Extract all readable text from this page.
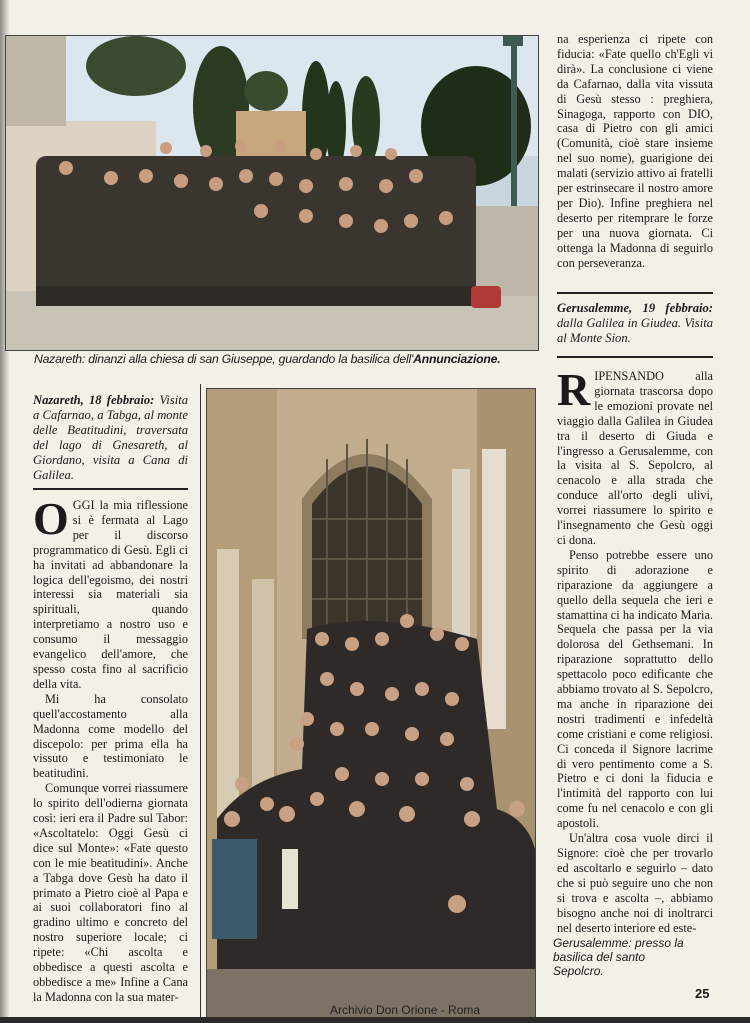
Nazareth: dinanzi alla chiesa di san Giuseppe, guardando la basilica dell'Annunciazione.

Nazareth, 18 febbraio: Visita a Cafarnao, a Tabga, al monte delle Beatitudini, traversata del lago di Gnesareth, al Giordano, visita a Cana di Galilea.

OGGI la mia riflessione si è fermata al Lago per il discorso programmatico di Gesù. Egli ci ha invitati ad abbandonare la logica dell'egoismo, dei nostri interessi sia materiali sia spirituali, quando interpretiamo a nostro uso e consumo il messaggio evangelico dell'amore, che spesso costa fino al sacrificio della vita.

Mi ha consolato quell'accostamento alla Madonna come modello del discepolo: per prima ella ha vissuto e testimoniato le beatitudini.

Comunque vorrei riassumere lo spirito dell'odierna giornata così: ieri era il Padre sul Tabor: «Ascoltatelo: Oggi Gesù ci dice sul Monte»: «Fate questo con le mie beatitudini». Anche a Tabga dove Gesù ha dato il primato a Pietro cioè al Papa e ai suoi collaboratori fino al gradino ultimo e concreto del nostro superiore locale; ci ripete: «Chi ascolta e obbedisce a questi ascolta e obbedisce a me» Infine a Cana la Madonna con la sua mater-

na esperienza ci ripete con fiducia: «Fate quello ch'Egli vi dirà». La conclusione ci viene da Cafarnao, dalla vita vissuta di Gesù stesso : preghiera, Sinagoga, rapporto con DIO, casa di Pietro con gli amici (Comunità, cioè stare insieme nel suo nome), guarigione dei malati (servizio attivo ai fratelli per estrinsecare il nostro amore per Dio). Infine preghiera nel deserto per ritemprare le forze per una nuova giornata. Ci ottenga la Madonna di seguirlo con perseveranza.

Gerusalemme, 19 febbraio: dalla Galilea in Giudea. Visita al Monte Sion.

RIPENSANDO alla giornata trascorsa dopo le emozioni provate nel viaggio dalla Galilea in Giudea tra il deserto di Giuda e l'ingresso a Gerusalemme, con la visita al S. Sepolcro, al cenacolo e alla strada che conduce all'orto degli ulivi, vorrei riassumere lo spirito e l'insegnamento che Gesù oggi ci dona.

Penso potrebbe essere uno spirito di adorazione e riparazione da aggiungere a quello della sequela che ieri e stamattina ci ha indicato Maria. Sequela che passa per la via dolorosa del Gethsemani. In riparazione soprattutto dello spettacolo poco edificante che abbiamo trovato al S. Sepolcro, ma anche in riparazione dei nostri tradimenti e infedeltà come cristiani e come religiosi. Ci conceda il Signore lacrime di vero pentimento come a S. Pietro e ci doni la fiducia e l'intimità del rapporto con lui come fu nel cenacolo e con gli apostoli.

Un'altra cosa vuole dirci il Signore: cioè che per trovarlo ed ascoltarlo e seguirlo – dato che si può seguire uno che non si trova e ascolta –, abbiamo bisogno anche noi di inoltrarci nel deserto interiore ed este-

Gerusalemme: presso la basilica del santo Sepolcro.
25
Archivio Don Orione - Roma
